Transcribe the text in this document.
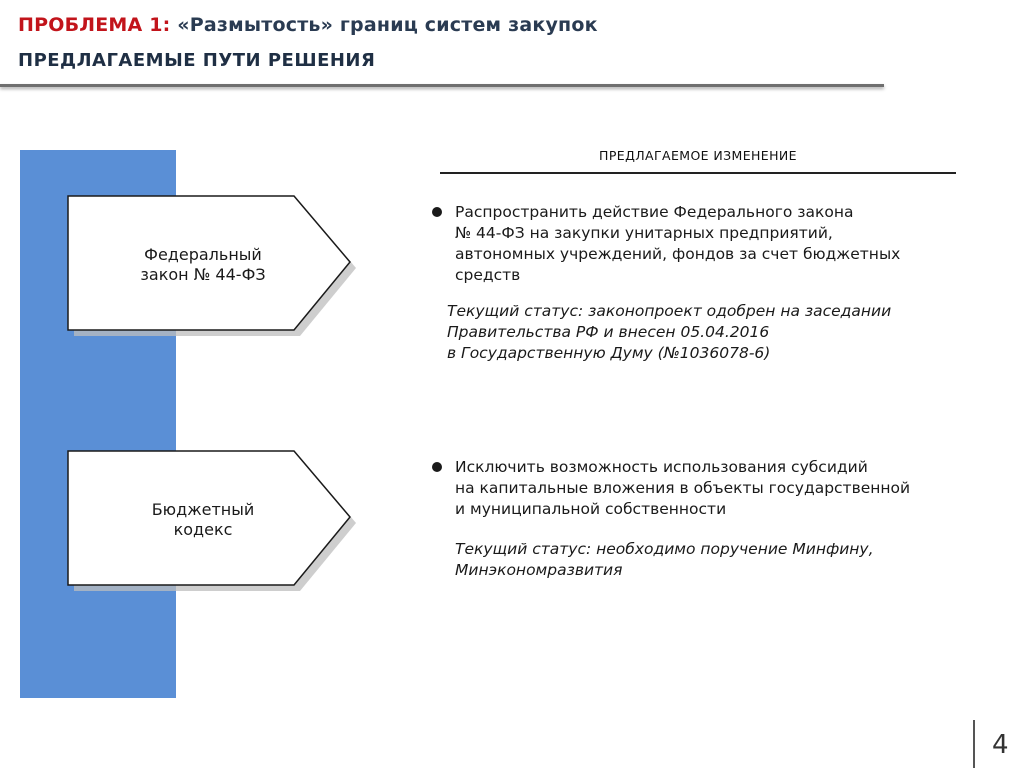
ПРОБЛЕМА 1: «Размытость» границ систем закупок
ПРЕДЛАГАЕМЫЕ ПУТИ РЕШЕНИЯ
Федеральный
закон № 44-ФЗ
Бюджетный
кодекс
ПРЕДЛАГАЕМОЕ ИЗМЕНЕНИЕ
Распространить действие Федерального закона
№ 44-ФЗ на закупки унитарных предприятий,
автономных учреждений, фондов за счет бюджетных
средств
Текущий статус: законопроект одобрен на заседании
Правительства РФ и внесен 05.04.2016
в Государственную Думу (№1036078-6)
Исключить возможность использования субсидий
на капитальные вложения в объекты государственной
и муниципальной собственности
Текущий статус: необходимо поручение Минфину,
Минэкономразвития
4
